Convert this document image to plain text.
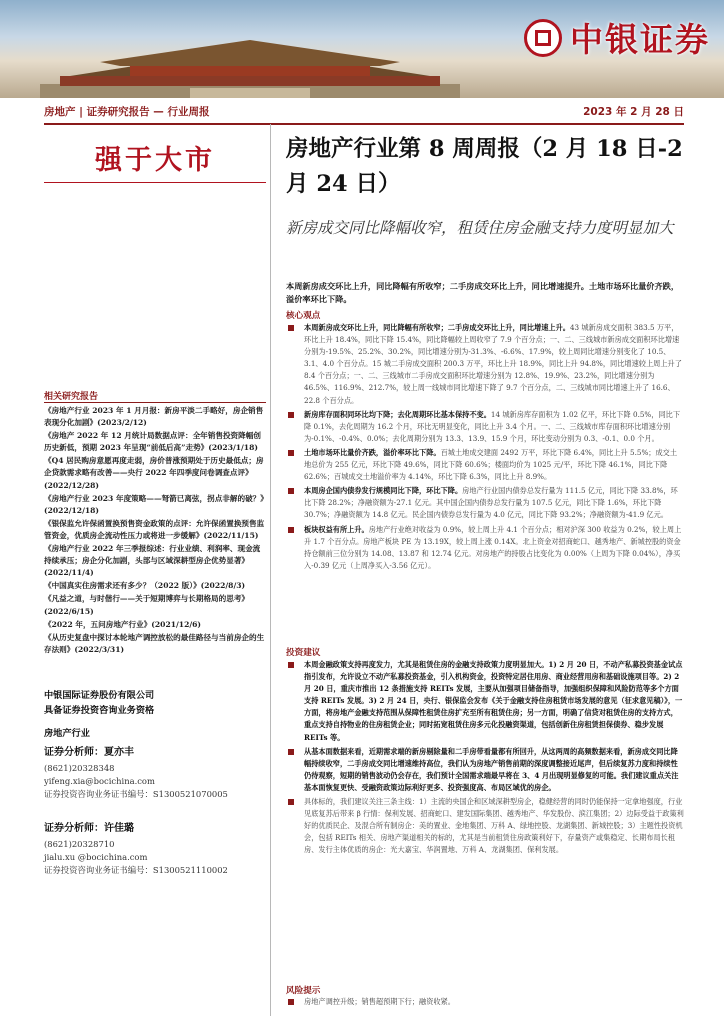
中银证券
房地产 | 证券研究报告 — 行业周报	2023 年 2 月 28 日
强于大市	房地产行业第 8 周周报（2 月 18 日-2 月 24 日）
新房成交同比降幅收窄，租赁住房金融支持力度明显加大
本周新房成交环比上升，同比降幅有所收窄；二手房成交环比上升，同比增速提升。土地市场环比量价齐跌，溢价率环比下降。
核心观点
本周新房成交环比上升，同比降幅有所收窄；二手房成交环比上升，同比增速上升。43 城新房成交面积 383.5 万平，环比上升 18.4%，同比下降 15.4%，同比降幅较上周收窄了 7.9 个百分点；一、二、三线城市新房成交面积环比增速分别为-19.5%、25.2%、30.2%，同比增速分别为-31.3%、-6.6%、17.9%，较上周同比增速分别变化了 10.5、3.1、4.0 个百分点。15 城二手房成交面积 200.3 万平，环比上升 18.9%，同比上升 94.8%，同比增速较上周上升了 8.4 个百分点；一、二、三线城市二手房成交面积环比增速分别为 12.8%、19.9%、23.2%，同比增速分别为 46.5%、116.9%、212.7%，较上周一线城市同比增速下降了 9.7 个百分点，二、三线城市同比增速上升了 16.6、22.8 个百分点。
新房库存面积同环比均下降；去化周期环比基本保持不变。14 城新房库存面积为 1.02 亿平，环比下降 0.5%，同比下降 0.1%，去化周期为 16.2 个月，环比无明显变化，同比上升 3.4 个月。一、二、三线城市库存面积环比增速分别为-0.1%、-0.4%、0.0%；去化周期分别为 13.3、13.9、15.9 个月，环比变动分别为 0.3、-0.1、0.0 个月。
土地市场环比量价齐跌，溢价率环比下降。百城土地成交建面 2492 万平，环比下降 6.4%，同比上升 5.5%；成交土地总价为 255 亿元，环比下降 49.6%，同比下降 60.6%；楼面均价为 1025 元/平，环比下降 46.1%，同比下降 62.6%；百城成交土地溢价率为 4.14%，环比下降 6.3%，同比上升 8.9%。
本周房企国内债券发行规模同比下降，环比下降。房地产行业国内债券总发行量为 111.5 亿元，同比下降 33.8%，环比下降 28.2%；净融资额为-27.1 亿元。其中国企国内债券总发行量为 107.5 亿元，同比下降 1.6%，环比下降 30.7%；净融资额为 14.8 亿元。民企国内债券总发行量为 4.0 亿元，同比下降 93.2%；净融资额为-41.9 亿元。
板块权益有所上升。房地产行业绝对收益为 0.9%，较上周上升 4.1 个百分点；相对沪深 300 收益为 0.2%，较上周上升 1.7 个百分点。房地产板块 PE 为 13.19X，较上周上涨 0.14X。北上资金对招商蛇口、越秀地产、新城控股的资金持仓额前三位分别为 14.08、13.87 和 12.74 亿元。对房地产的持股占比变化为 0.00%（上周为下降 0.04%），净买入-0.39 亿元（上周净买入-3.56 亿元）。
投资建议
本周金融政策支持再度发力，尤其是租赁住房的金融支持政策力度明显加大。1) 2 月 20 日，不动产私募投资基金试点指引发布，允许设立不动产私募投资基金，引入机构资金，投资特定居住用房、商业经营用房和基础设施项目等。2) 2 月 20 日，重庆市推出 12 条措施支持 REITs 发展，主要从加强项目储备指导，加强组织保障和风险防范等多个方面支持 REITs 发展。3) 2 月 24 日，央行、银保监会发布《关于金融支持住房租赁市场发展的意见（征求意见稿）》，一方面，将房地产金融支持范围从保障性租赁住房扩充至所有租赁住房；另一方面，明确了信贷对租赁住房的支持方式，重点支持自持物业的住房租赁企业；同时拓宽租赁住房多元化投融资渠道，包括创新住房租赁担保债券、稳步发展 REITs 等。
从基本面数据来看，近期需求端的新房剔除量和二手房带看量都有所回升，从这两周的高频数据来看，新房成交同比降幅持续收窄，二手房成交同比增速维持高位，我们认为房地产销售前期的深度调整接近尾声，但后续复苏力度和持续性仍待观察，短期的销售波动仍会存在，我们预计全国需求端最早将在 3、4 月出现明显修复的可能。我们建议重点关注基本面恢复更快、受融资政策边际利好更多、投资强度高、布局区域优的房企。
具体标的，我们建议关注三条主线：1）主流的央国企和区域深耕型房企，稳健经营的同时仍能保持一定拿地强度，行业见底复苏后带来 β 行情：保利发展、招商蛇口、建发国际集团、越秀地产、华发股份、滨江集团；2）边际受益于政策利好的优质民企、及混合所有制房企：美的置业、金地集团、万科 A、绿地控股、龙湖集团、新城控股；3）主题性投资机会，包括 REITs 相关、房地产渠道相关的标的，尤其是当前租赁住房政策利好下，存量资产或集稳定、长期布局长租房、发行主体优质的房企：光大嘉宝、华润置地、万科 A、龙湖集团、保利发展。
风险提示
房地产调控升级；销售超预期下行；融资收紧。
相关研究报告
《房地产行业 2023 年 1 月月报：新房平淡二手略好，房企销售表现分化加剧》(2023/2/12)
《房地产 2022 年 12 月统计局数据点评：全年销售投资降幅创历史新低，预期 2023 年呈现“前低后高”走势》(2023/1/18)
《Q4 居民购房意愿再度走弱，房价普涨预期处于历史最低点；房企贷款需求略有改善——央行 2022 年四季度问卷调查点评》(2022/12/28)
《房地产行业 2023 年度策略——弩箭已离弦，拐点非解的破？》(2022/12/18)
《银保监允许保函置换预售资金政策的点评：允许保函置换预售监管资金，优质房企流动性压力或将进一步缓解》(2022/11/15)
《房地产行业 2022 年三季报综述：行业业绩、利润率、现金流持续承压；房企分化加剧，头部与区域深耕型房企优势显著》(2022/11/4)
《中国真实住房需求还有多少？（2022 版）》(2022/8/3)
《凡益之道，与时偕行——关于短期博弈与长期格局的思考》(2022/6/15)
《2022 年，五问房地产行业》(2021/12/6)
《从历史复盘中探讨本轮地产调控放松的最佳路径与当前房企的生存法则》(2022/3/31)
中银国际证券股份有限公司
具备证券投资咨询业务资格
房地产行业
证券分析师：夏亦丰
(8621)20328348
yifeng.xia@bocichina.com
证券投资咨询业务证书编号：S1300521070005
证券分析师：许佳璐
(8621)20328710
jialu.xu @bocichina.com
证券投资咨询业务证书编号：S1300521110002
